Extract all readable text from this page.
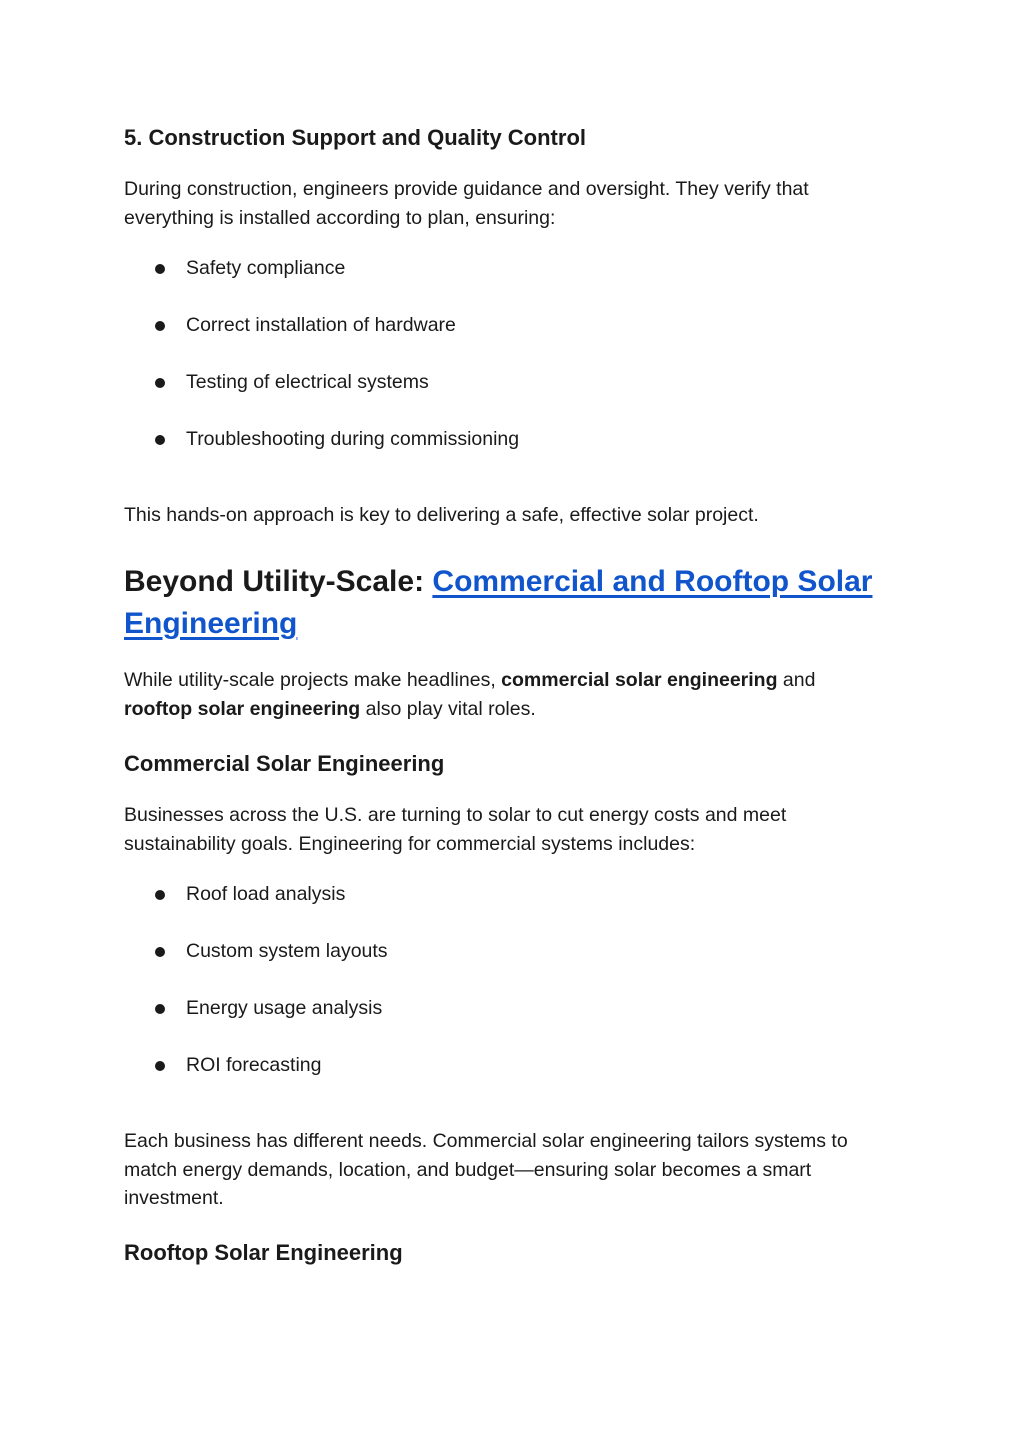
5. Construction Support and Quality Control

During construction, engineers provide guidance and oversight. They verify that everything is installed according to plan, ensuring:

Safety compliance
Correct installation of hardware
Testing of electrical systems
Troubleshooting during commissioning

This hands-on approach is key to delivering a safe, effective solar project.

Beyond Utility-Scale: Commercial and Rooftop Solar Engineering

While utility-scale projects make headlines, commercial solar engineering and
rooftop solar engineering also play vital roles.

Commercial Solar Engineering

Businesses across the U.S. are turning to solar to cut energy costs and meet sustainability goals. Engineering for commercial systems includes:

Roof load analysis
Custom system layouts
Energy usage analysis
ROI forecasting

Each business has different needs. Commercial solar engineering tailors systems to match energy demands, location, and budget—ensuring solar becomes a smart investment.

Rooftop Solar Engineering
